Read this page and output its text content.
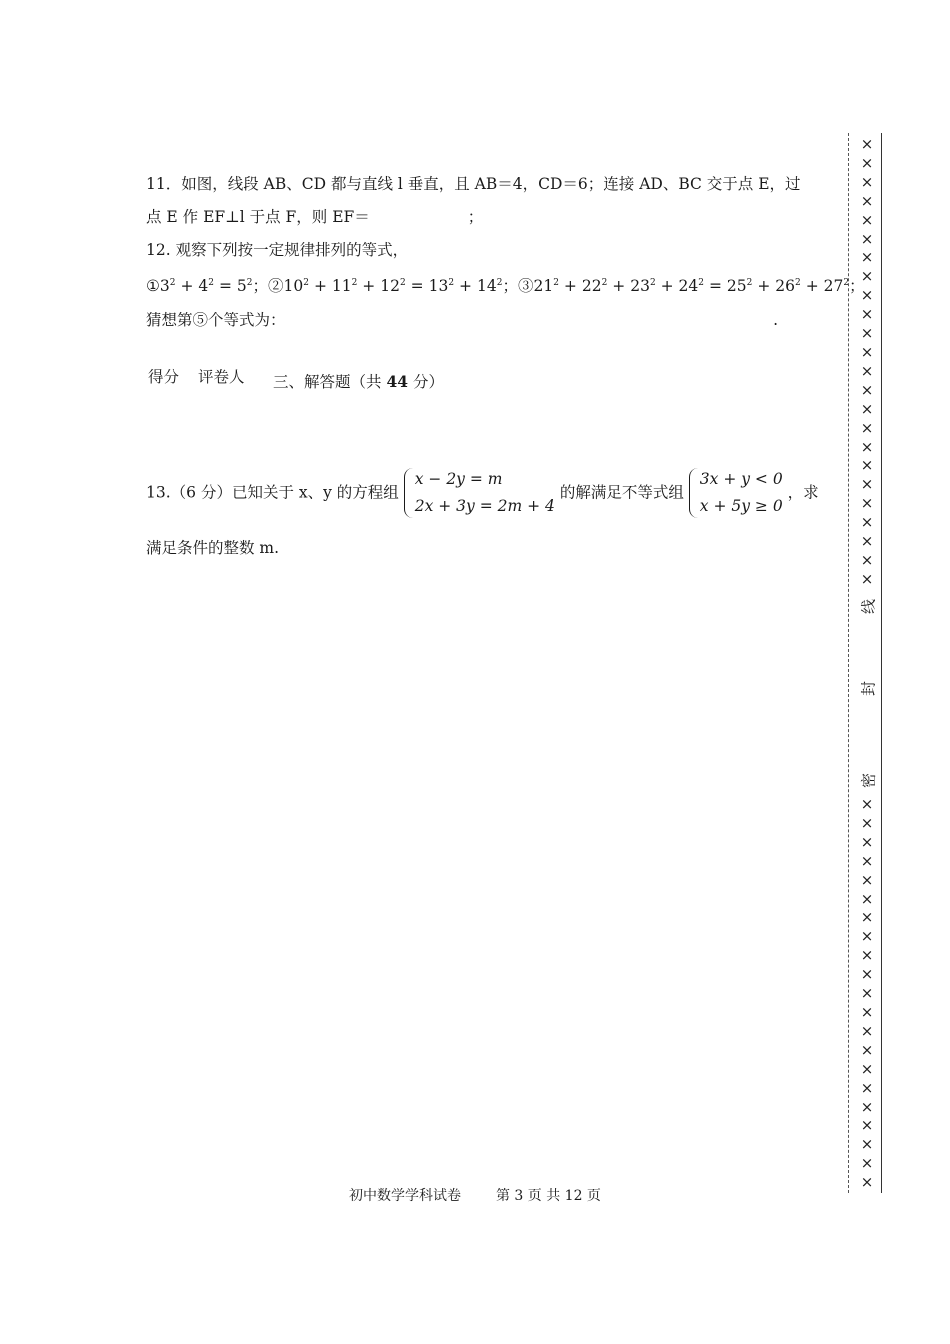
11．如图，线段 AB、CD 都与直线 l 垂直，且 AB＝4，CD＝6；连接 AD、BC 交于点 E，过
点 E 作 EF⊥l 于点 F，则 EF＝	；
12. 观察下列按一定规律排列的等式，
$①3^2 + 4^2 = 5^2$；$②10^2 + 11^2 + 12^2 = 13^2 + 14^2$；$③21^2 + 22^2 + 23^2 + 24^2 = 25^2 + 26^2 + 27^2$；
猜想第⑤个等式为：	.
得分 评卷人 三、解答题（共 44 分）
13.（6 分）已知关于 x、y 的方程组
x − 2y = m
2x + 3y = 2m + 4
的解满足不等式组
3x + y < 0
x + 5y ≥ 0
，求
满足条件的整数 m.
×
×
×
×
×
×
×
×
×
×
×
×
×
×
×
×
×
×
×
×
×
×
×
×
线
封
密
×
×
×
×
×
×
×
×
×
×
×
×
×
×
×
×
×
×
×
×
×
初中数学学科试卷 第 3 页 共 12 页
